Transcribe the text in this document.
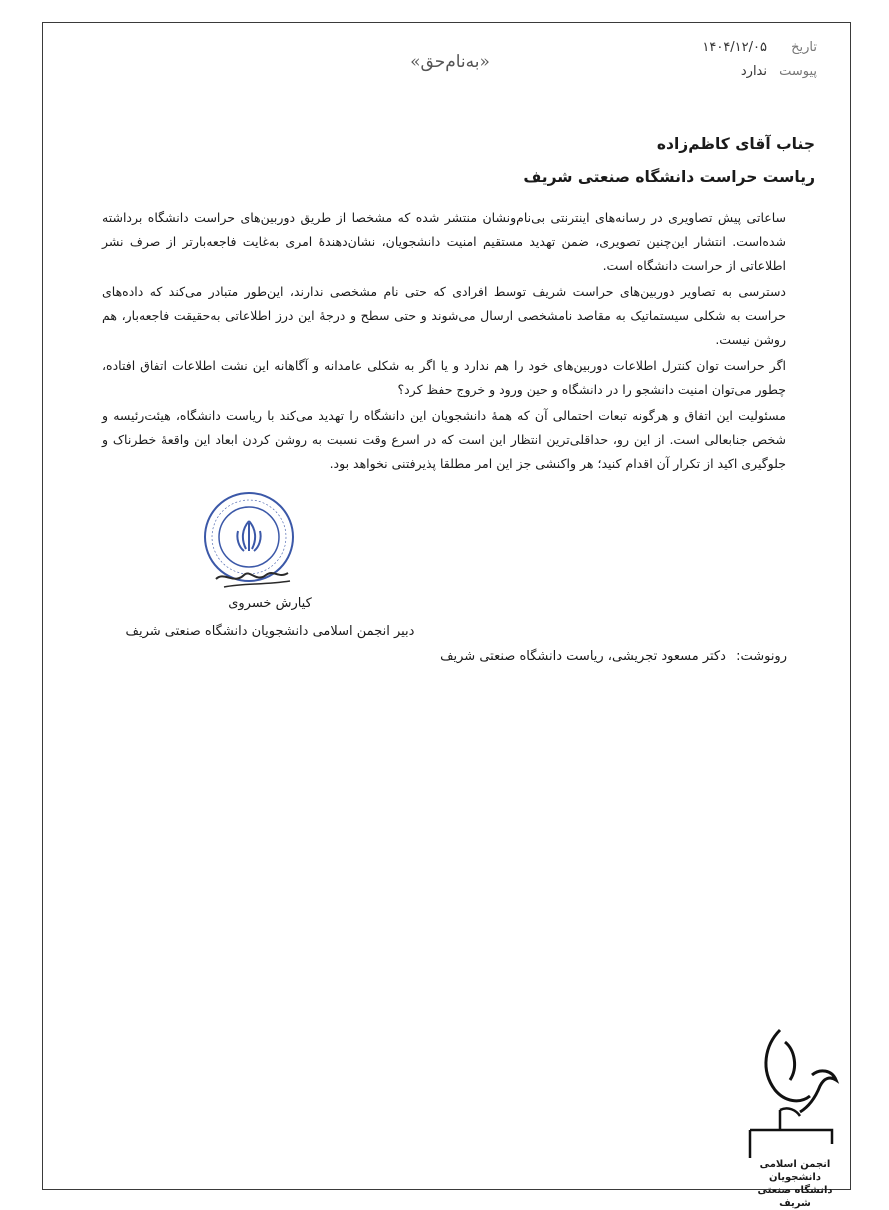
«به‌نام‌حق»
تاریخ
۱۴۰۴/۱۲/۰۵
پیوست
ندارد
جناب آقای کاظم‌زاده
ریاست حراست دانشگاه صنعتی شریف

ساعاتی پیش تصاویری در رسانه‌های اینترنتی بی‌نام‌ونشان منتشر شده که مشخصا از طریق دوربین‌های حراست دانشگاه برداشته شده‌است. انتشار این‌چنین تصویری، ضمن تهدید مستقیم امنیت دانشجویان، نشان‌دهندهٔ امری به‌غایت فاجعه‌بارتر از صرف نشر اطلاعاتی از حراست دانشگاه است.

دسترسی به تصاویر دوربین‌های حراست شریف توسط افرادی که حتی نام مشخصی ندارند، این‌طور متبادر می‌کند که داده‌های حراست به شکلی سیستماتیک به مقاصد نامشخصی ارسال می‌شوند و حتی سطح و درجهٔ این درز اطلاعاتی به‌حقیقت فاجعه‌بار، هم روشن نیست.

اگر حراست توان کنترل اطلاعات دوربین‌های خود را هم ندارد و یا اگر به شکلی عامدانه و آگاهانه این نشت اطلاعات اتفاق افتاده، چطور می‌توان امنیت دانشجو را در دانشگاه و حین ورود و خروج حفظ کرد؟

مسئولیت این اتفاق و هرگونه تبعات احتمالی آن که همهٔ دانشجویان این دانشگاه را تهدید می‌کند با ریاست دانشگاه، هیئت‌رئیسه و شخص جنابعالی است. از این رو، حداقلی‌ترین انتظار این است که در اسرع وقت نسبت به روشن کردن ابعاد این واقعهٔ خطرناک و جلوگیری اکید از تکرار آن اقدام کنید؛ هر واکنشی جز این امر مطلقا پذیرفتنی نخواهد بود.

کیارش خسروی
دبیر انجمن اسلامی دانشجویان دانشگاه صنعتی شریف
رونوشت: دکتر مسعود تجریشی، ریاست دانشگاه صنعتی شریف
انجمن اسلامی دانشجویان
دانشگاه صنعتی شریف
